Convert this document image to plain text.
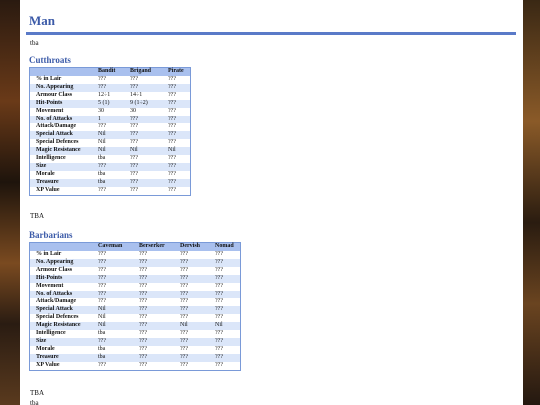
Man
tba
Cutthroats
	Bandit	Brigand	Pirate
% in Lair	???	???	???
No. Appearing	???	???	???
Armour Class	12÷1	14÷1	???
Hit-Points	5 (1)	9 (1÷2)	???
Movement	30	30	???
No. of Attacks	1	???	???
Attack/Damage	???	???	???
Special Attack	Nil	???	???
Special Defences	Nil	???	???
Magic Resistance	Nil	Nil	Nil
Intelligence	tba	???	???
Size	???	???	???
Morale	tba	???	???
Treasure	tba	???	???
XP Value	???	???	???
TBA
Barbarians
	Caveman	Berserker	Dervish	Nomad
% in Lair	???	???	???	???
No. Appearing	???	???	???	???
Armour Class	???	???	???	???
Hit-Points	???	???	???	???
Movement	???	???	???	???
No. of Attacks	???	???	???	???
Attack/Damage	???	???	???	???
Special Attack	Nil	???	???	???
Special Defences	Nil	???	???	???
Magic Resistance	Nil	???	Nil	Nil
Intelligence	tba	???	???	???
Size	???	???	???	???
Morale	tba	???	???	???
Treasure	tba	???	???	???
XP Value	???	???	???	???
TBA
tba
